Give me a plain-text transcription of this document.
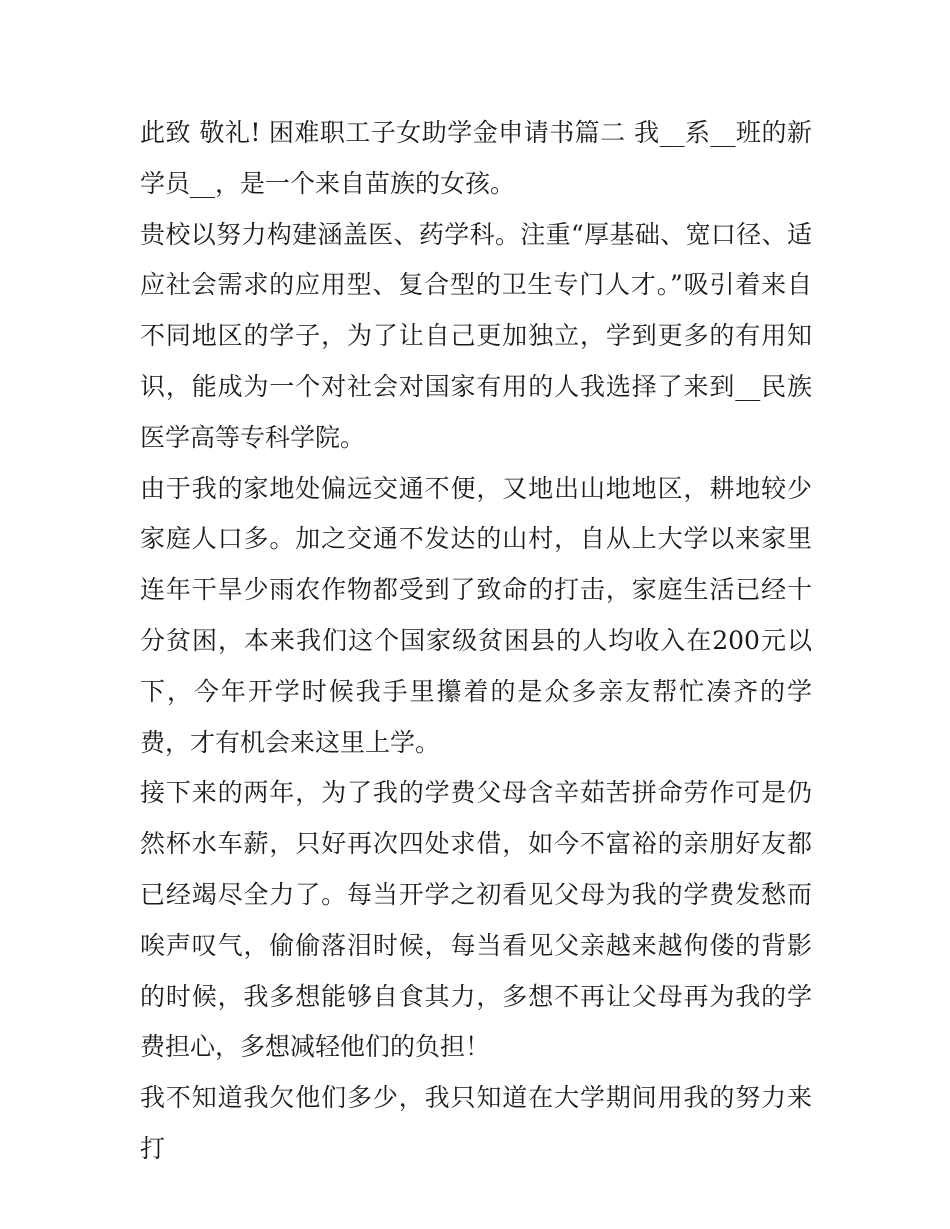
此致 敬礼! 困难职工子女助学金申请书篇二 我__系__班的新学员__，是一个来自苗族的女孩。

贵校以努力构建涵盖医、药学科。注重“厚基础、宽口径、适应社会需求的应用型、复合型的卫生专门人才。”吸引着来自不同地区的学子，为了让自己更加独立，学到更多的有用知识，能成为一个对社会对国家有用的人我选择了来到__民族医学高等专科学院。

由于我的家地处偏远交通不便，又地出山地地区，耕地较少家庭人口多。加之交通不发达的山村，自从上大学以来家里连年干旱少雨农作物都受到了致命的打击，家庭生活已经十分贫困，本来我们这个国家级贫困县的人均收入在200元以下，今年开学时候我手里攥着的是众多亲友帮忙凑齐的学费，才有机会来这里上学。

接下来的两年，为了我的学费父母含辛茹苦拼命劳作可是仍然杯水车薪，只好再次四处求借，如今不富裕的亲朋好友都已经竭尽全力了。每当开学之初看见父母为我的学费发愁而唉声叹气，偷偷落泪时候，每当看见父亲越来越佝偻的背影的时候，我多想能够自食其力，多想不再让父母再为我的学费担心，多想减轻他们的负担！

我不知道我欠他们多少，我只知道在大学期间用我的努力来打
